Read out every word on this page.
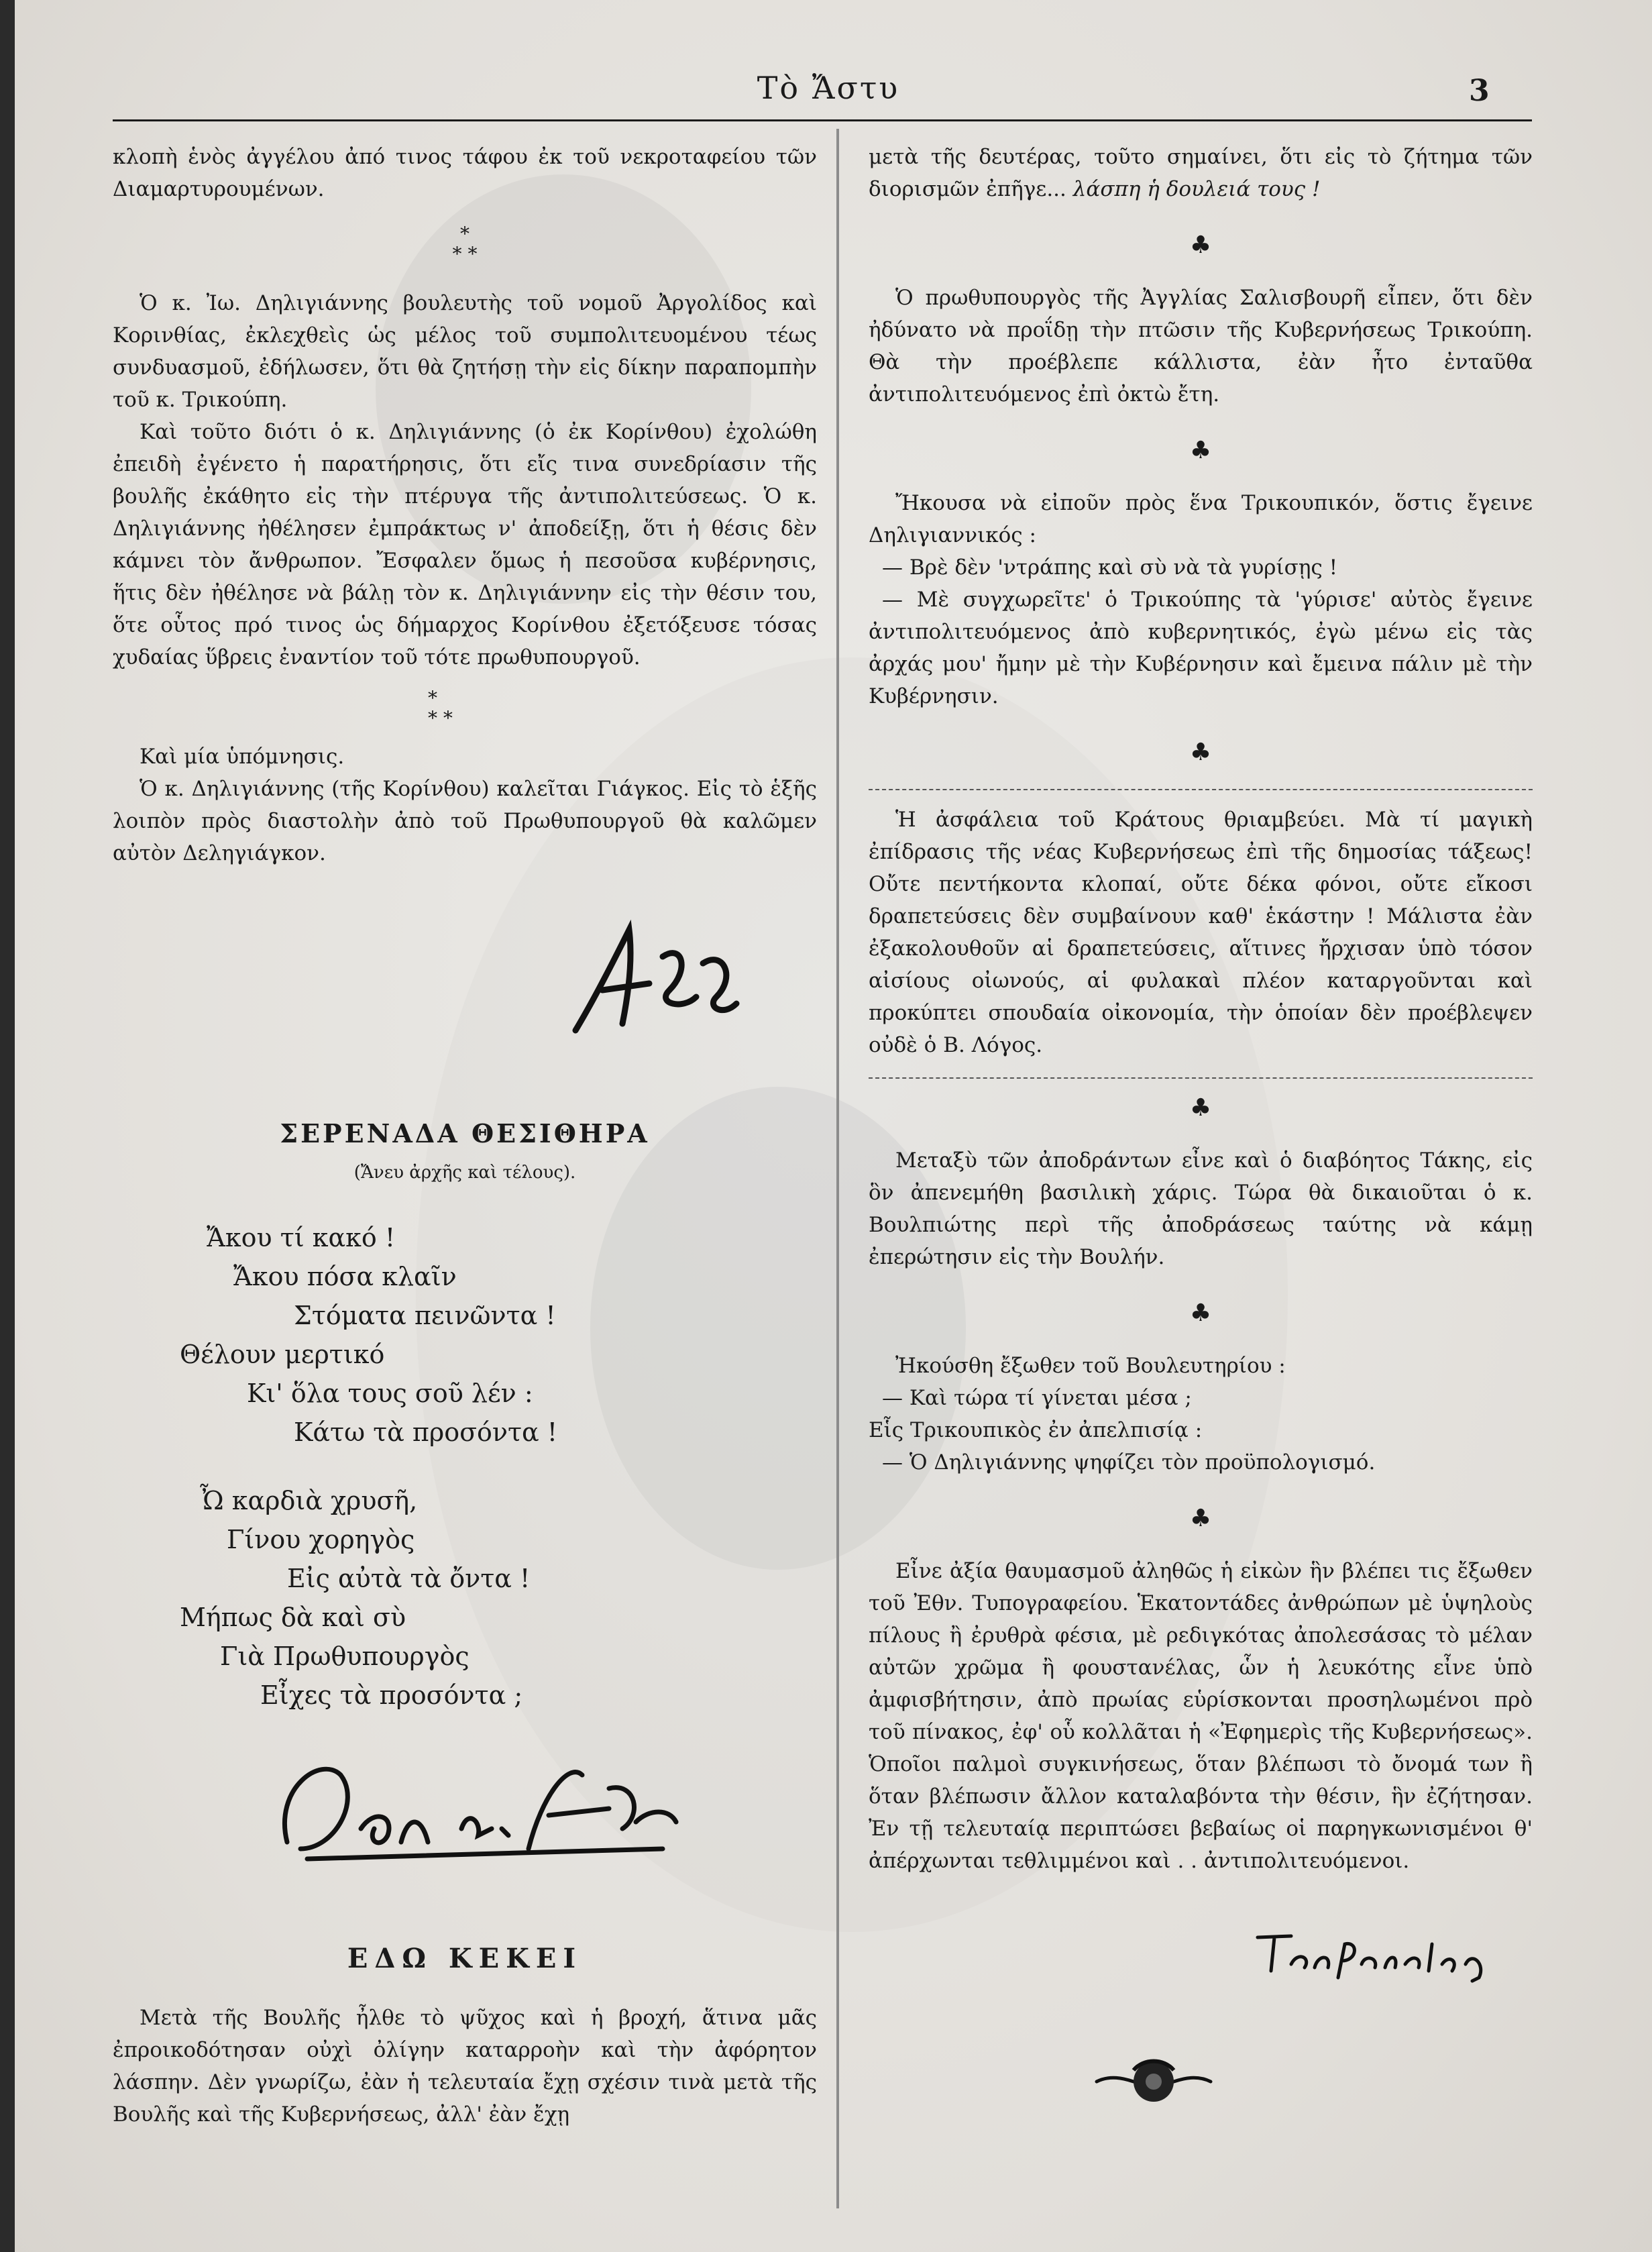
Τὸ Ἄστυ	3

κλοπὴ ἑνὸς ἀγγέλου ἀπό τινος τάφου ἐκ τοῦ νεκροταφείου τῶν Διαμαρτυρουμένων.

*
* *

Ὁ κ. Ἰω. Δηλιγιάννης βουλευτὴς τοῦ νομοῦ Ἀργολίδος καὶ Κορινθίας, ἐκλεχθεὶς ὡς μέλος τοῦ συμπολιτευομένου τέως συνδυασμοῦ, ἐδήλωσεν, ὅτι θὰ ζητήσῃ τὴν εἰς δίκην παραπομπὴν τοῦ κ. Τρικούπη.

Καὶ τοῦτο διότι ὁ κ. Δηλιγιάννης (ὁ ἐκ Κορίνθου) ἐχολώθη ἐπειδὴ ἐγένετο ἡ παρατήρησις, ὅτι εἴς τινα συνεδρίασιν τῆς βουλῆς ἐκάθητο εἰς τὴν πτέρυγα τῆς ἀντιπολιτεύσεως. Ὁ κ. Δηλιγιάννης ἠθέλησεν ἐμπράκτως ν' ἀποδείξῃ, ὅτι ἡ θέσις δὲν κάμνει τὸν ἄνθρωπον. Ἔσφαλεν ὅμως ἡ πεσοῦσα κυβέρνησις, ἥτις δὲν ἠθέλησε νὰ βάλῃ τὸν κ. Δηλιγιάννην εἰς τὴν θέσιν του, ὅτε οὗτος πρό τινος ὡς δήμαρχος Κορίνθου ἐξετόξευσε τόσας χυδαίας ὕβρεις ἐναντίον τοῦ τότε πρωθυπουργοῦ.

*
* *

Καὶ μία ὑπόμνησις.

Ὁ κ. Δηλιγιάννης (τῆς Κορίνθου) καλεῖται Γιάγκος. Εἰς τὸ ἑξῆς λοιπὸν πρὸς διαστολὴν ἀπὸ τοῦ Πρωθυπουργοῦ θὰ καλῶμεν αὐτὸν Δεληγιάγκον.

ΣΕΡΕΝΑΔΑ ΘΕΣΙΘΗΡΑ
(Ἄνευ ἀρχῆς καὶ τέλους).
Ἄκου τί κακό !
Ἄκου πόσα κλαῖν
Στόματα πεινῶντα !
Θέλουν μερτικό
Κι' ὅλα τους σοῦ λέν :
Κάτω τὰ προσόντα !
Ὦ καρδιὰ χρυσῆ,
Γίνου χορηγὸς
Εἰς αὐτὰ τὰ ὄντα !
Μήπως δὰ καὶ σὺ
Γιὰ Πρωθυπουργὸς
Εἶχες τὰ προσόντα ;
ΕΔΩ ΚΕΚΕΙ

Μετὰ τῆς Βουλῆς ἦλθε τὸ ψῦχος καὶ ἡ βροχή, ἅτινα μᾶς ἐπροικοδότησαν οὐχὶ ὀλίγην καταρροὴν καὶ τὴν ἀφόρητον λάσπην. Δὲν γνωρίζω, ἐὰν ἡ τελευταία ἔχῃ σχέσιν τινὰ μετὰ τῆς Βουλῆς καὶ τῆς Κυβερνήσεως, ἀλλ' ἐὰν ἔχῃ

μετὰ τῆς δευτέρας, τοῦτο σημαίνει, ὅτι εἰς τὸ ζήτημα τῶν διορισμῶν ἐπῆγε... λάσπη ἡ δουλειά τους !

♣

Ὁ πρωθυπουργὸς τῆς Ἀγγλίας Σαλισβουρῆ εἶπεν, ὅτι δὲν ἠδύνατο νὰ προΐδῃ τὴν πτῶσιν τῆς Κυβερνήσεως Τρικούπη. Θὰ τὴν προέβλεπε κάλλιστα, ἐὰν ἦτο ἐνταῦθα ἀντιπολιτευόμενος ἐπὶ ὀκτὼ ἔτη.

♣

Ἤκουσα νὰ εἰποῦν πρὸς ἕνα Τρικουπικόν, ὅστις ἔγεινε Δηλιγιαννικός :

— Βρὲ δὲν 'ντράπης καὶ σὺ νὰ τὰ γυρίσῃς !

— Μὲ συγχωρεῖτε' ὁ Τρικούπης τὰ 'γύρισε' αὐτὸς ἔγεινε ἀντιπολιτευόμενος ἀπὸ κυβερνητικός, ἐγὼ μένω εἰς τὰς ἀρχάς μου' ἤμην μὲ τὴν Κυβέρνησιν καὶ ἔμεινα πάλιν μὲ τὴν Κυβέρνησιν.

♣

Ἡ ἀσφάλεια τοῦ Κράτους θριαμβεύει. Μὰ τί μαγικὴ ἐπίδρασις τῆς νέας Κυβερνήσεως ἐπὶ τῆς δημοσίας τάξεως! Οὔτε πεντήκοντα κλοπαί, οὔτε δέκα φόνοι, οὔτε εἴκοσι δραπετεύσεις δὲν συμβαίνουν καθ' ἑκάστην ! Μάλιστα ἐὰν ἐξακολουθοῦν αἱ δραπετεύσεις, αἵτινες ἤρχισαν ὑπὸ τόσον αἰσίους οἰωνούς, αἱ φυλακαὶ πλέον καταργοῦνται καὶ προκύπτει σπουδαία οἰκονομία, τὴν ὁποίαν δὲν προέβλεψεν οὐδὲ ὁ Β. Λόγος.

♣

Μεταξὺ τῶν ἀποδράντων εἶνε καὶ ὁ διαβόητος Τάκης, εἰς ὃν ἀπενεμήθη βασιλικὴ χάρις. Τώρα θὰ δικαιοῦται ὁ κ. Βουλπιώτης περὶ τῆς ἀποδράσεως ταύτης νὰ κάμῃ ἐπερώτησιν εἰς τὴν Βουλήν.

♣

Ἠκούσθη ἔξωθεν τοῦ Βουλευτηρίου :

— Καὶ τώρα τί γίνεται μέσα ;

Εἷς Τρικουπικὸς ἐν ἀπελπισίᾳ :

— Ὁ Δηλιγιάννης ψηφίζει τὸν προϋπολογισμό.

♣

Εἶνε ἀξία θαυμασμοῦ ἀληθῶς ἡ εἰκὼν ἣν βλέπει τις ἔξωθεν τοῦ Ἐθν. Τυπογραφείου. Ἑκατοντάδες ἀνθρώπων μὲ ὑψηλοὺς πίλους ἢ ἐρυθρὰ φέσια, μὲ ρεδιγκότας ἀπολεσάσας τὸ μέλαν αὐτῶν χρῶμα ἢ φουστανέλας, ὧν ἡ λευκότης εἶνε ὑπὸ ἀμφισβήτησιν, ἀπὸ πρωίας εὑρίσκονται προσηλωμένοι πρὸ τοῦ πίνακος, ἐφ' οὗ κολλᾶται ἡ «Ἐφημερὶς τῆς Κυβερνήσεως». Ὁποῖοι παλμοὶ συγκινήσεως, ὅταν βλέπωσι τὸ ὄνομά των ἢ ὅταν βλέπωσιν ἄλλον καταλαβόντα τὴν θέσιν, ἣν ἐζήτησαν. Ἐν τῇ τελευταίᾳ περιπτώσει βεβαίως οἱ παρηγκωνισμένοι θ' ἀπέρχωνται τεθλιμμένοι καὶ . . ἀντιπολιτευόμενοι.
